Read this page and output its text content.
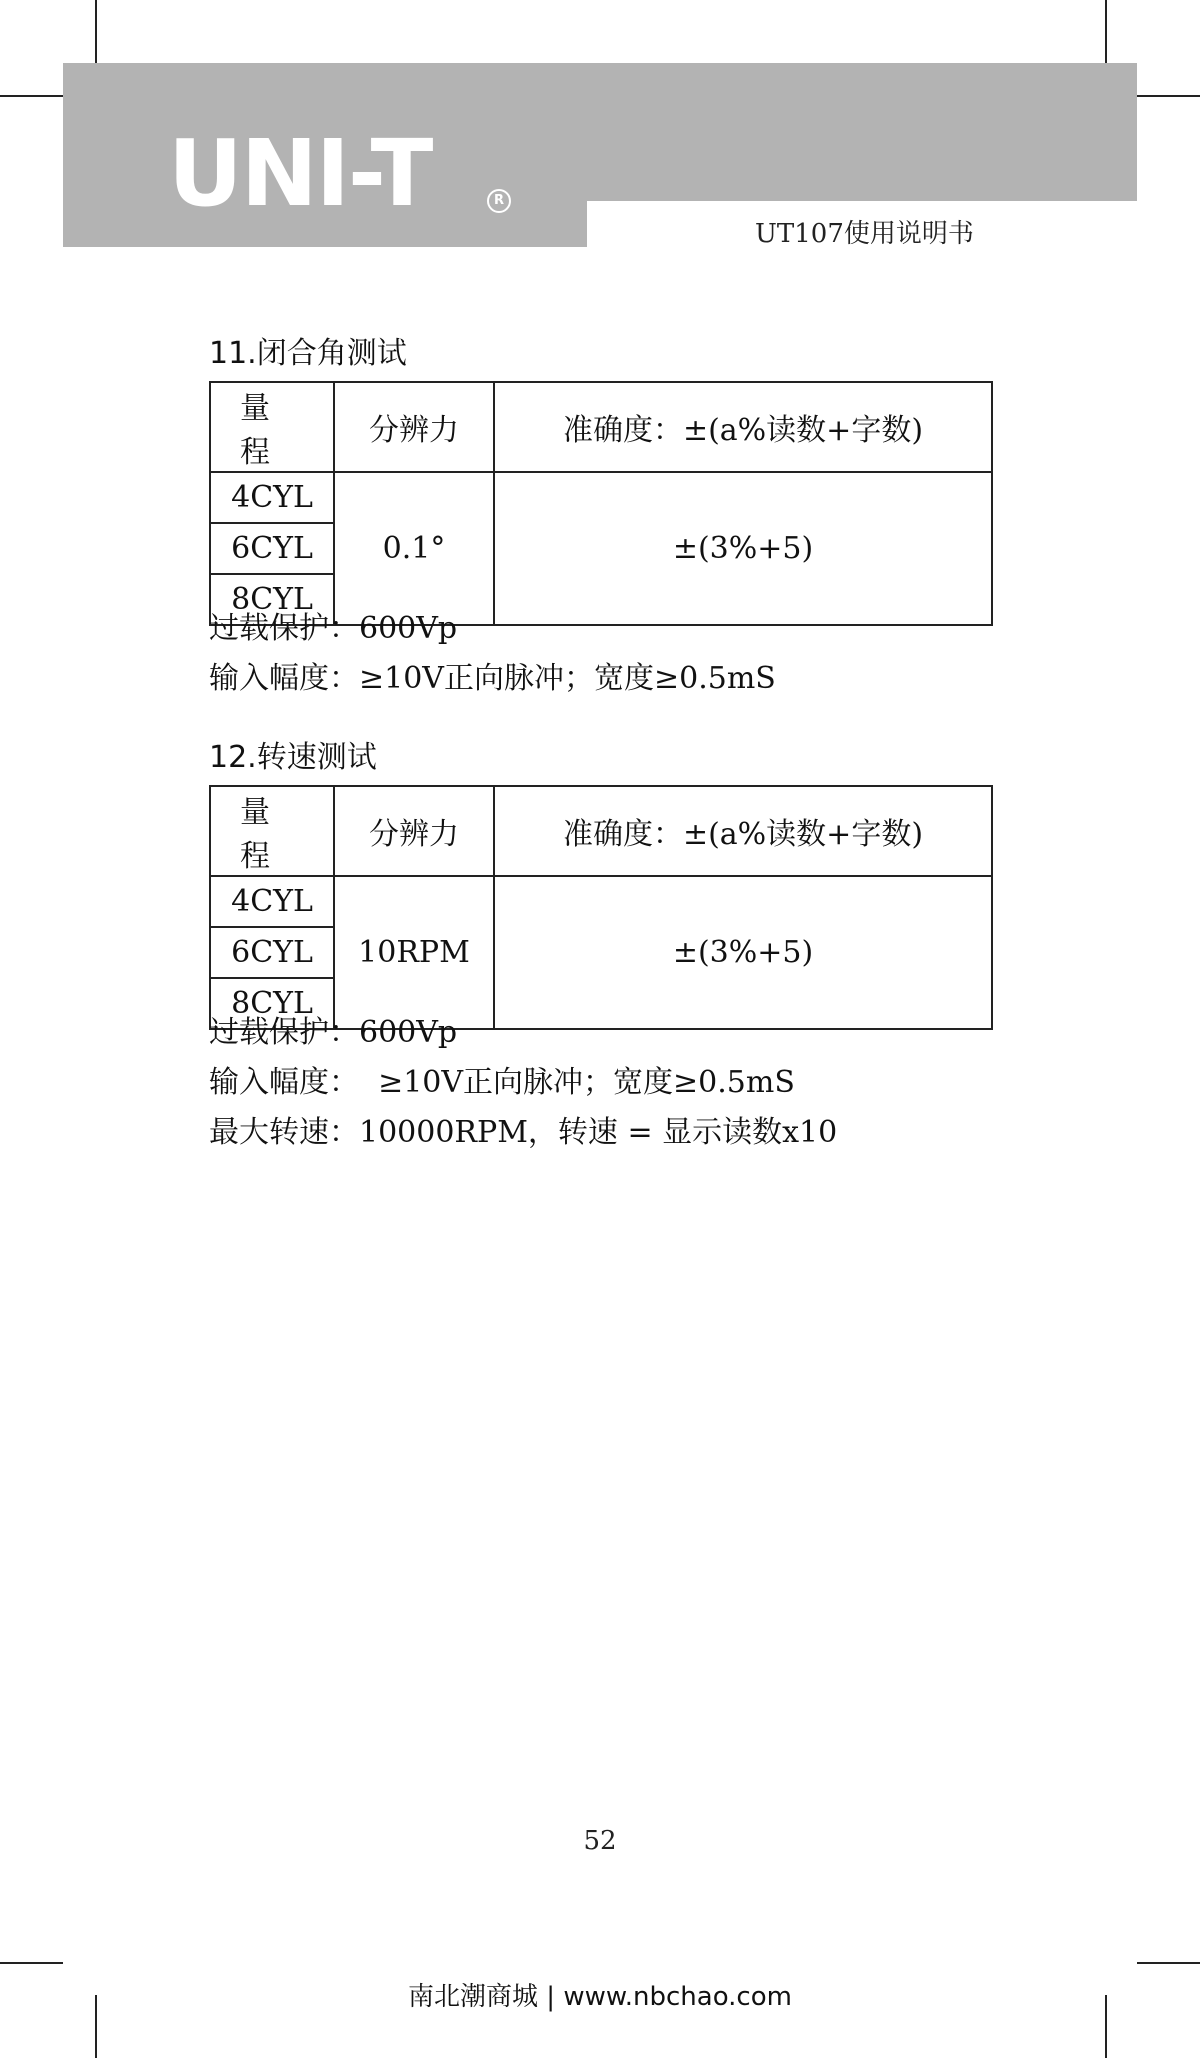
UNI-T	R
UT107使用说明书
11.闭合角测试
量 程	分辨力	准确度：±(a%读数+字数)
4CYL	0.1°	±(3%+5)
6CYL		
8CYL		
过载保护：600Vp
输入幅度：≥10V正向脉冲；宽度≥0.5mS
12.转速测试
量 程	分辨力	准确度：±(a%读数+字数)
4CYL	10RPM	±(3%+5)
6CYL		
8CYL		
过载保护：600Vp
输入幅度：  ≥10V正向脉冲；宽度≥0.5mS
最大转速：10000RPM，转速 = 显示读数x10
52
南北潮商城 | www.nbchao.com
